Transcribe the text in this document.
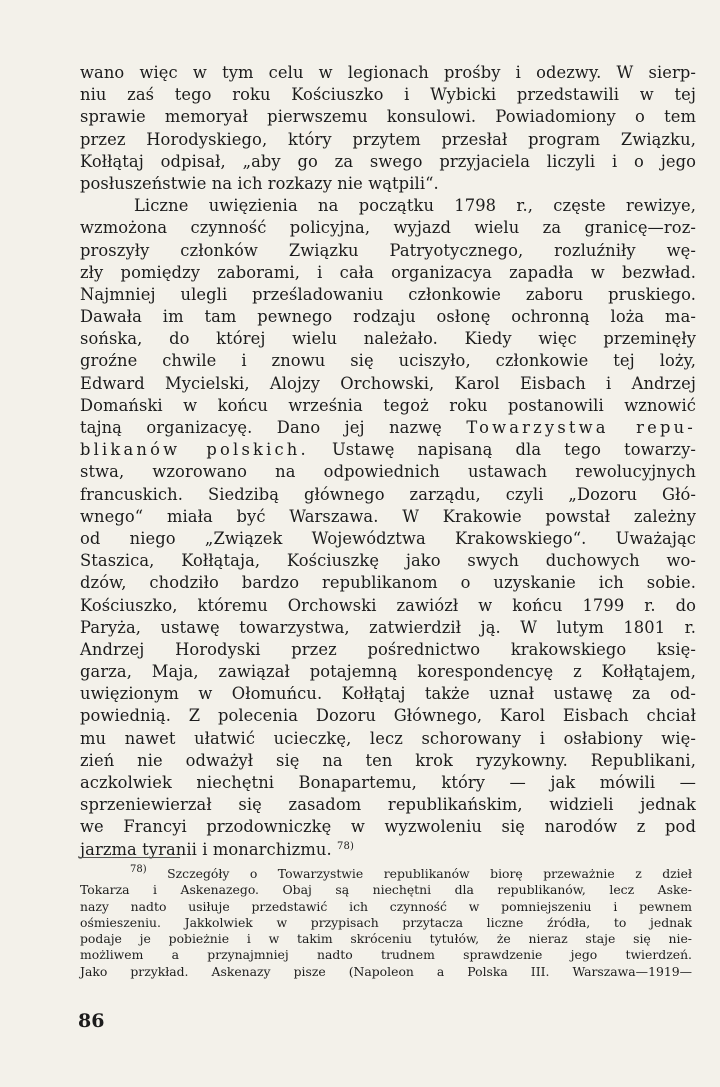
wano więc w tym celu w legionach prośby i odezwy. W sierp-
niu zaś tego roku Kościuszko i Wybicki przedstawili w tej
sprawie memoryał pierwszemu konsulowi. Powiadomiony o tem
przez Horodyskiego, który przytem przesłał program Związku,
Kołłątaj odpisał, „aby go za swego przyjaciela liczyli i o jego
posłuszeństwie na ich rozkazy nie wątpili“.
Liczne uwięzienia na początku 1798 r., częste rewizye,
wzmożona czynność policyjna, wyjazd wielu za granicę—roz-
proszyły członków Związku Patryotycznego, rozluźniły wę-
zły pomiędzy zaborami, i cała organizacya zapadła w bezwład.
Najmniej ulegli prześladowaniu członkowie zaboru pruskiego.
Dawała im tam pewnego rodzaju osłonę ochronną loża ma-
sońska, do której wielu należało. Kiedy więc przeminęły
groźne chwile i znowu się uciszyło, członkowie tej loży,
Edward Mycielski, Alojzy Orchowski, Karol Eisbach i Andrzej
Domański w końcu września tegoż roku postanowili wznowić
tajną organizacyę. Dano jej nazwę Towarzystwa repu-
blikanów polskich. Ustawę napisaną dla tego towarzy-
stwa, wzorowano na odpowiednich ustawach rewolucyjnych
francuskich. Siedzibą głównego zarządu, czyli „Dozoru Głó-
wnego“ miała być Warszawa. W Krakowie powstał zależny
od niego „Związek Województwa Krakowskiego“. Uważając
Staszica, Kołłątaja, Kościuszkę jako swych duchowych wo-
dzów, chodziło bardzo republikanom o uzyskanie ich sobie.
Kościuszko, któremu Orchowski zawiózł w końcu 1799 r. do
Paryża, ustawę towarzystwa, zatwierdził ją. W lutym 1801 r.
Andrzej Horodyski przez pośrednictwo krakowskiego księ-
garza, Maja, zawiązał potajemną korespondencyę z Kołłątajem,
uwięzionym w Ołomuńcu. Kołłątaj także uznał ustawę za od-
powiednią. Z polecenia Dozoru Głównego, Karol Eisbach chciał
mu nawet ułatwić ucieczkę, lecz schorowany i osłabiony wię-
zień nie odważył się na ten krok ryzykowny. Republikani,
aczkolwiek niechętni Bonapartemu, który — jak mówili —
sprzeniewierzał się zasadom republikańskim, widzieli jednak
we Francyi przodowniczkę w wyzwoleniu się narodów z pod
jarzma tyranii i monarchizmu. $^{78)}$
$^{78)}$ Szczegóły o Towarzystwie republikanów biorę przeważnie z dzieł
Tokarza i Askenazego. Obaj są niechętni dla republikanów, lecz Aske-
nazy nadto usiłuje przedstawić ich czynność w pomniejszeniu i pewnem
ośmieszeniu. Jakkolwiek w przypisach przytacza liczne źródła, to jednak
podaje je pobieżnie i w takim skróceniu tytułów, że nieraz staje się nie-
możliwem a przynajmniej nadto trudnem sprawdzenie jego twierdzeń.
Jako przykład. Askenazy pisze (Napoleon a Polska III. Warszawa—1919—
86
